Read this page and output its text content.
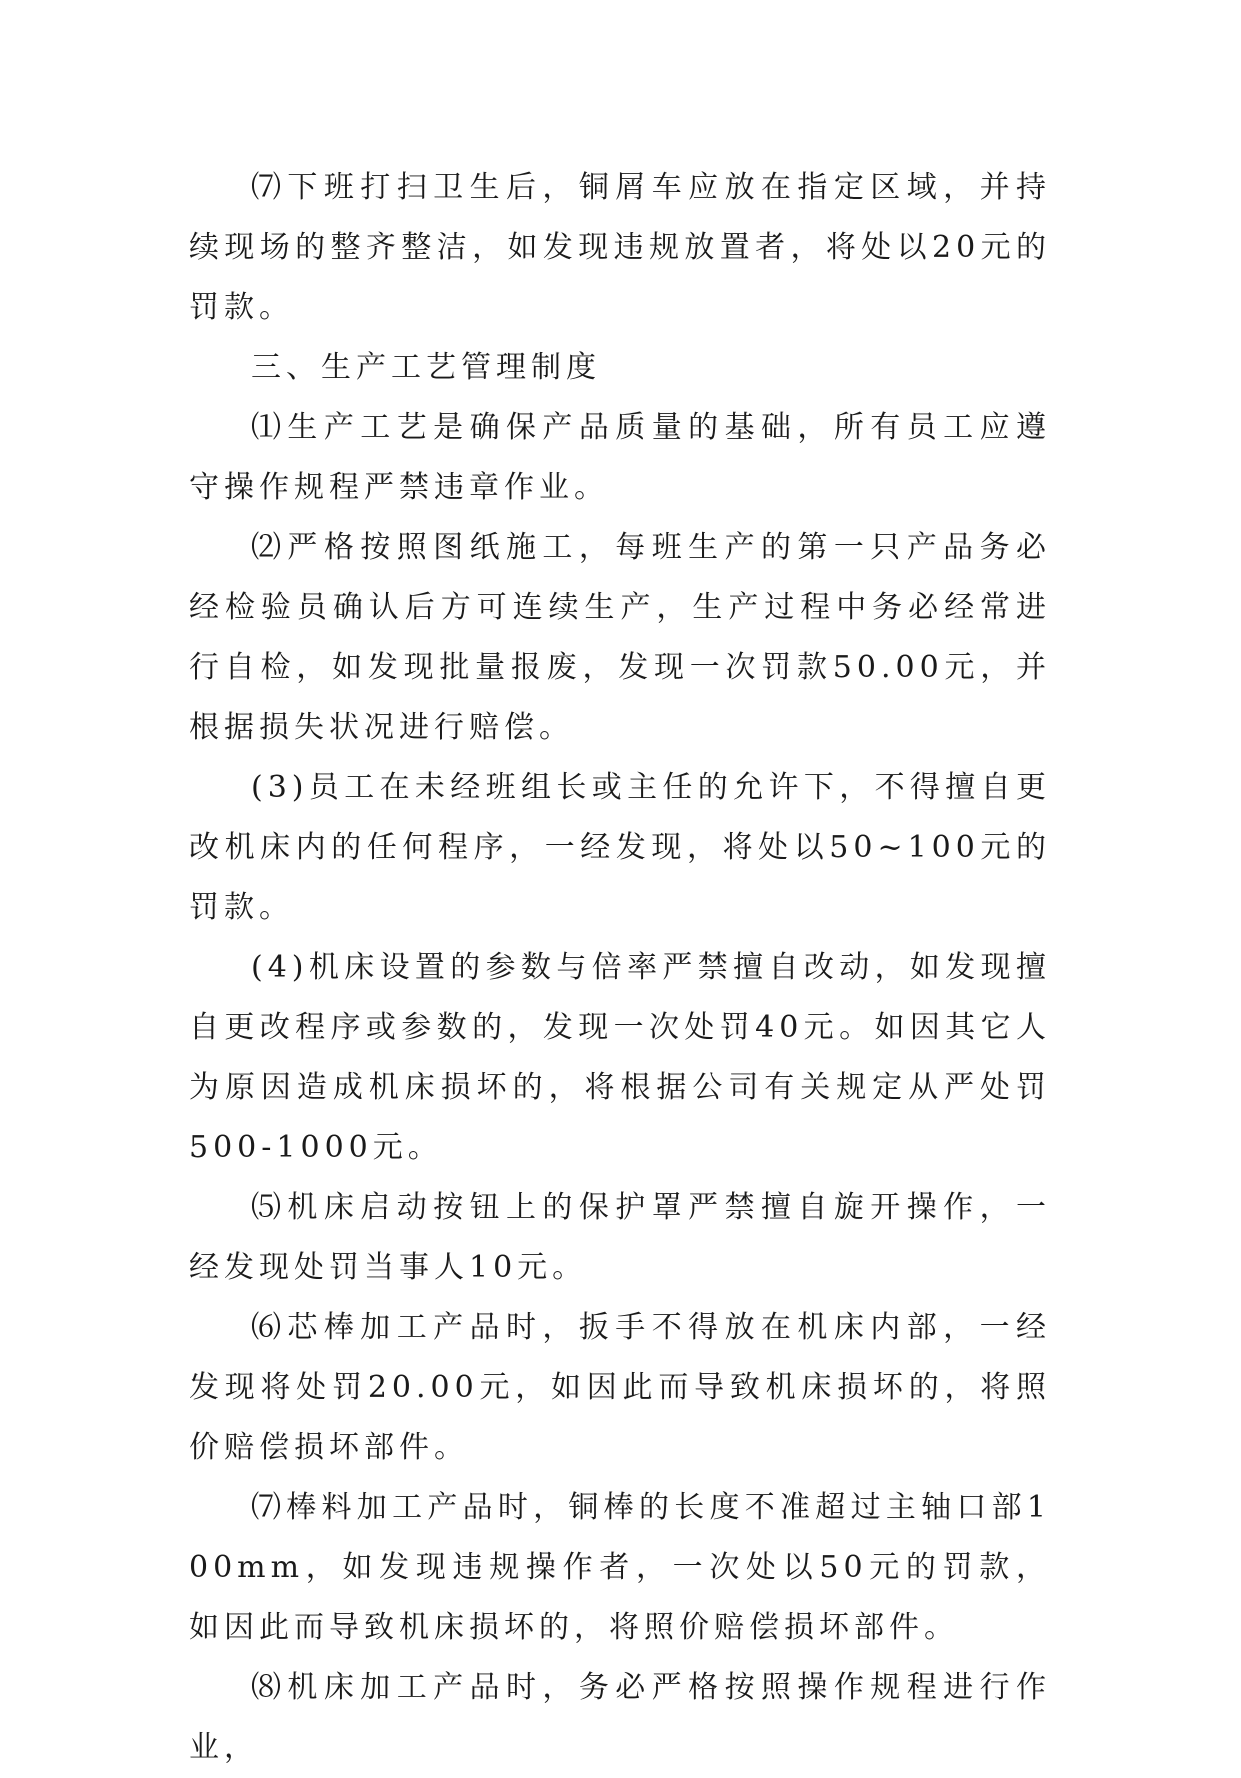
⑺下班打扫卫生后，铜屑车应放在指定区域，并持续现场的整齐整洁，如发现违规放置者，将处以20元的罚款。

三、生产工艺管理制度

⑴生产工艺是确保产品质量的基础，所有员工应遵守操作规程严禁违章作业。

⑵严格按照图纸施工，每班生产的第一只产品务必经检验员确认后方可连续生产，生产过程中务必经常进行自检，如发现批量报废，发现一次罚款50.00元，并根据损失状况进行赔偿。

(3)员工在未经班组长或主任的允许下，不得擅自更改机床内的任何程序，一经发现，将处以50~100元的罚款。

(4)机床设置的参数与倍率严禁擅自改动，如发现擅自更改程序或参数的，发现一次处罚40元。如因其它人为原因造成机床损坏的，将根据公司有关规定从严处罚500-1000元。

⑸机床启动按钮上的保护罩严禁擅自旋开操作，一经发现处罚当事人10元。

⑹芯棒加工产品时，扳手不得放在机床内部，一经发现将处罚20.00元，如因此而导致机床损坏的，将照价赔偿损坏部件。

⑺棒料加工产品时，铜棒的长度不准超过主轴口部100mm，如发现违规操作者，一次处以50元的罚款，如因此而导致机床损坏的，将照价赔偿损坏部件。

⑻机床加工产品时，务必严格按照操作规程进行作业，
